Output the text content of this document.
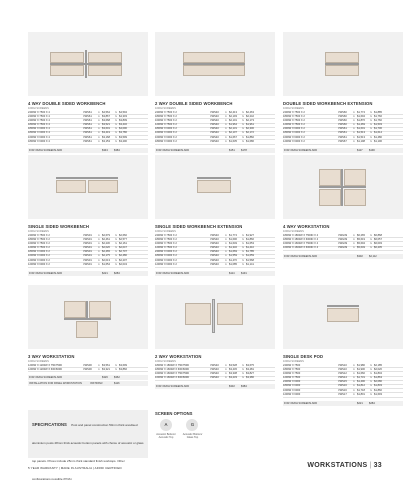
4 WAY DOUBLE SIDED WORKBENCH
1000H SCREENS
2400W X 7500 X 4	VWS61	A $4,564	G $4,594
2400W X 7500 X 4	VWS61	A $3,867	G $4,303
2400W X 7500 X 4	VWS61	A $3,668	G $3,809
1800W X 7500 X 4	VWS61	A $3,521	G $3,432
1800W X 6000 X 4	VWS61	A $3,601	G $4,090
1800W X 6000 X 4	VWS61	A $3,419	G $3,786
1600W X 6000 X 4	VWS61	A $3,168	G $3,599
1800W X 6000 X 4	VWS61	A $3,153	G $3,290
FOR 1520H SCREENS ADD	$343	$384
2 WAY DOUBLE SIDED WORKBENCH
1000H SCREENS
2400W X 7500 X 2	VWS40	A $2,413	G $2,463
1800W X 7500 X 2	VWS40	A $2,193	G $2,242
1600W X 7500 X 2	VWS40	A $2,101	G $2,173
1200W X 7500 X 2	VWS40	A $1,964	G $1,961
1800W X 6000 X 2	VWS40	A $2,131	G $2,306
1600W X 6000 X 2	VWS40	A $2,107	G $2,172
1600W X 6000 X 2	VWS40	A $1,667	G $1,882
1800W X 6000 X 2	VWS40	A $1,635	G $1,686
FOR 1520H SCREENS ADD	$151	$178
DOUBLE SIDED WORKBENCH EXTENSION
1000H SCREENS
2400W X 7500 X 2	VWS60	A $1,774	G $1,885
1800W X 7500 X 2	VWS60	A $1,694	G $1,766
1600W X 7500 X 2	VWS60	A $1,876	G $1,760
1200W X 7500 X 2	VWS60	A $1,469	G $1,503
2400W X 6000 X 2	VWS61	A $1,601	G $1,706
1800W X 6000 X 2	VWS61	A $1,513	G $1,614
1600W X 6000 X 2	VWS61	A $1,513	G $1,480
1200W X 6000 X 2	VWS67	A $1,198	G $1,196
FOR 1520H SCREENS ADD	$117	$190
SINGLE SIDED WORKBENCH
1000H SCREENS
2400W X 7500 X 2	VWS01	A $2,679	G $2,660
1800W X 7500 X 2	VWS01	A $2,461	G $2,577
1600W X 7500 X 2	VWS01	A $2,230	G $2,161
1200W X 7500 X 2	VWS01	A $2,020	G $2,047
1800W X 6000 X 2	VWS01	A $2,465	G $2,707
1600W X 6000 X 2	VWS01	A $2,175	G $2,480
1200W X 6000 X 2	VWS01	A $2,013	G $2,207
1200W X 6000 X 2	VWS01	A $1,654	G $2,043
FOR 1520H SCREENS ADD	$221	$284
SINGLE SIDED WORKBENCH EXTENSION
1000H SCREENS
2400W X 7500 X 2	VWS40	A $1,774	G $1,927
1800W X 7500 X 2	VWS40	A $1,696	G $1,866
1600W X 7500 X 2	VWS40	A $1,649	G $1,653
1200W X 7500 X 2	VWS40	A $1,332	G $1,410
2400W X 6000 X 2	VWS40	A $1,669	G $1,785
1800W X 6000 X 2	VWS40	A $1,559	G $1,659
1600W X 6000 X 2	VWS40	A $1,470	G $1,568
1200W X 6000 X 2	VWS40	A $1,085	G $1,141
FOR 1520H SCREENS ADD	$114	$191
4 WAY WORKSTATION
1000H SCREENS
1800W X 1800W X 7500D X 4	VWG09	A $6,265	G $6,868
1800W X 1800W X 6000D X 4	VWG09	A $5,619	G $6,057
1600W X 1600W X 7500D X 4	VWG09	A $5,694	G $6,093
1600W X 1600W X 6000D X 4	VWG09	A $5,649	G $6,205
FOR 1520H SCREENS ADD	$302	$2,112
3 WAY WORKSTATION
1000H SCREENS
1200W X 1200W X 750/750D	VWS00	A $3,561	G $3,699
1200W X 1200W X 600/600D	VWS00	A $3,321	G $3,866
FOR 1520H SCREENS ADD	$326	$362
INSTALLATION FOR PANEL WORKSTATION	INSTPAN3	$116
2 WAY WORKSTATION
1000H SCREENS
1800W X 1800W X 750/750D	VWS40	A $3,528	G $3,675
1800W X 1600W X 600/600D	VWS40	A $3,445	G $3,481
1600W X 1600W X 750/750D	VWS40	A $3,338	G $3,827
1600W X 1600W X 600/600D	VWS40	A $3,233	G $3,386
FOR 1520H SCREENS ADD	$332	$384
SINGLE DESK POD
1000H SCREENS
2400W X 7500	VWS10	A $1,980	G $2,185
1800W X 7500	VWS10	A $1,900	G $2,020
1600W X 7500	VWS12	A $1,660	G $1,804
1200W X 7500	VWS14	A $1,731	G $1,863
2400W X 6000	VWS15	A $1,490	G $2,080
1800W X 6000	VWS16	A $1,812	G $1,803
1600W X 6000	VWS16	A $1,718	G $1,860
1200W X 6000	VWS17	A $1,801	G $1,693
FOR 1520H SCREENS ADD	$221	$284
SPECIFICATIONS Post and panel construction 50mm thick anodised aluminium posts 28mm thick acoustic bottom panels with choice of acoustic or glass top panels. Prices include 25mm thick standard finish worktops. Other configurations possible (POA)
SCREEN OPTIONS
A
Acoustic Bottom/ Acoustic Top

G
Acoustic Bottom/ Glass Top
5 YEAR WARRANTY | MADE IN AUSTRALIA | AFRDI CERTIFIED	WORKSTATIONS | 33
